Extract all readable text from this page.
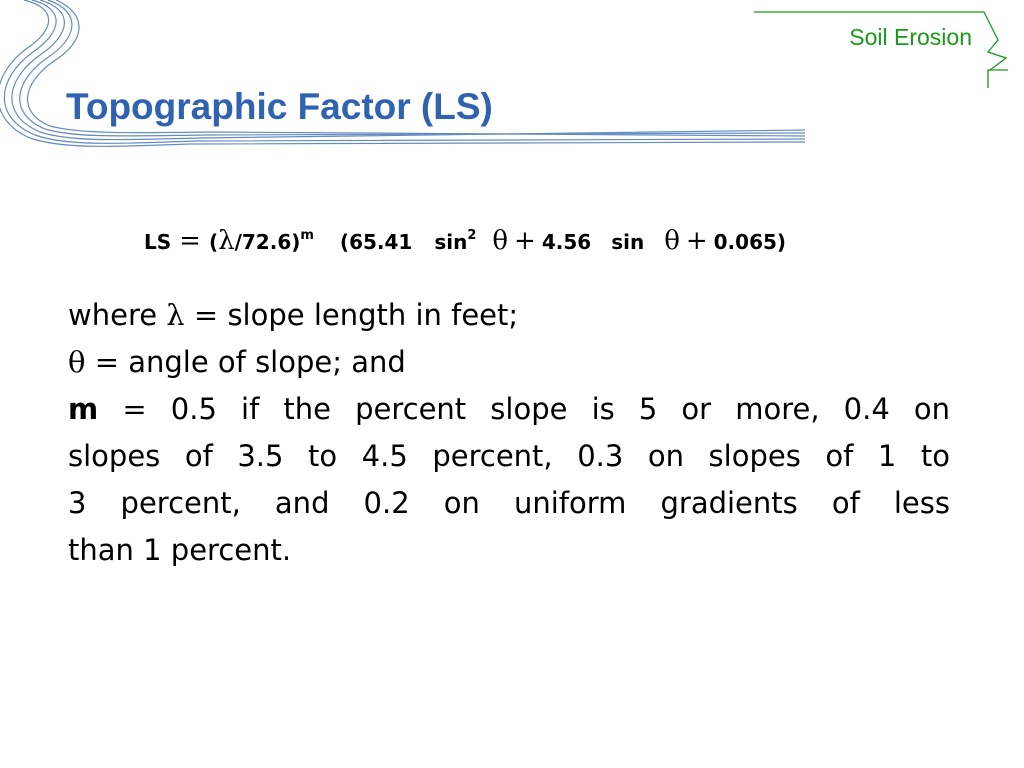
Soil Erosion
Topographic Factor (LS)
LS = ( λ /72.6) m (65.41 sin 2 θ + 4.56 sin θ + 0.065)
where λ = slope length in feet;
θ = angle of slope; and
m = 0.5 if the percent slope is 5 or more, 0.4 on
slopes of 3.5 to 4.5 percent, 0.3 on slopes of 1 to
3 percent, and 0.2 on uniform gradients of less
than 1 percent.
